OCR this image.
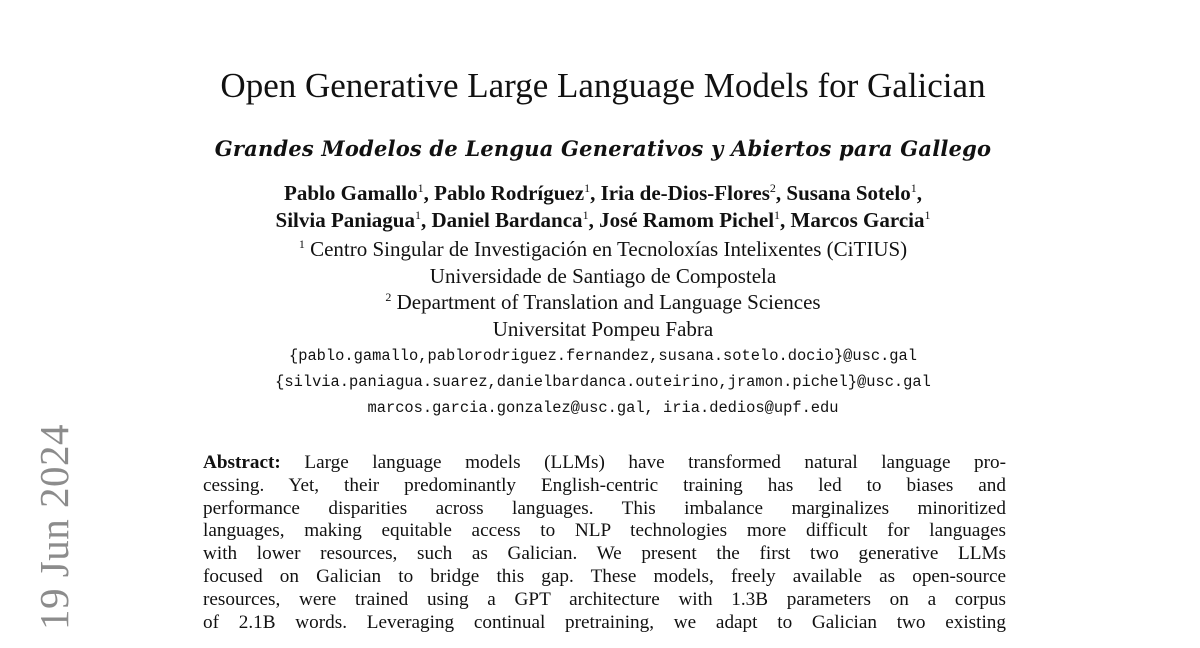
19 Jun 2024
Open Generative Large Language Models for Galician
Grandes Modelos de Lengua Generativos y Abiertos para Gallego
Pablo Gamallo$^1$, Pablo Rodríguez$^1$, Iria de-Dios-Flores$^2$, Susana Sotelo$^1$,
Silvia Paniagua$^1$, Daniel Bardanca$^1$, José Ramom Pichel$^1$, Marcos Garcia$^1$
$^1$ Centro Singular de Investigación en Tecnoloxías Intelixentes (CiTIUS)
Universidade de Santiago de Compostela
$^2$ Department of Translation and Language Sciences
Universitat Pompeu Fabra
{pablo.gamallo,pablorodriguez.fernandez,susana.sotelo.docio}@usc.gal
{silvia.paniagua.suarez,danielbardanca.outeirino,jramon.pichel}@usc.gal
marcos.garcia.gonzalez@usc.gal, iria.dedios@upf.edu
Abstract: Large language models (LLMs) have transformed natural language pro-
cessing. Yet, their predominantly English-centric training has led to biases and
performance disparities across languages. This imbalance marginalizes minoritized
languages, making equitable access to NLP technologies more difficult for languages
with lower resources, such as Galician. We present the first two generative LLMs
focused on Galician to bridge this gap. These models, freely available as open-source
resources, were trained using a GPT architecture with 1.3B parameters on a corpus
of 2.1B words. Leveraging continual pretraining, we adapt to Galician two existing
